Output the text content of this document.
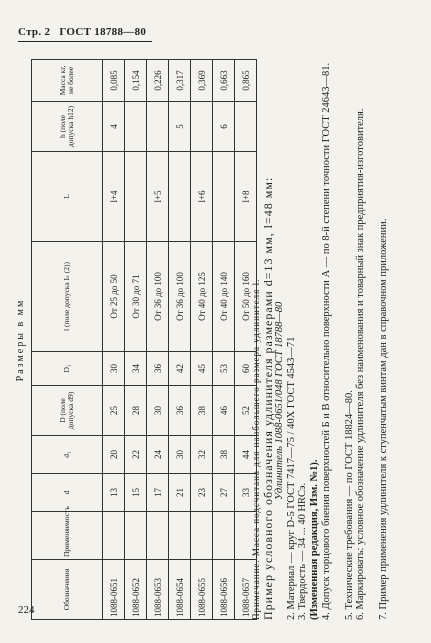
Стр. 2 ГОСТ 18788—80
Размеры в мм
Обозначения	Применяемость	d	d₁	D (поле допуска d9)	D₁	l (поле допуска Iₛ (2))	L	h (поле допуска h12)	Масса кг, не более
1088-0651		13	20	25	30	От 25 до 50	l+4	4	0,085
1088-0652		15	22	28	34	От 30 до 71			0,154
1088-0653		17	24	30	36	От 36 до 100	l+5		0,226
1088-0654		21	30	36	42	От 36 до 100		5	0,317
1088-0655		23	32	38	45	От 40 до 125	l+6		0,369
1088-0656		27	38	46	53	От 40 до 140		6	0,663
1088-0657		33	44	52	60	От 50 до 160	l+8		0,865
Примечание. Масса подсчитана для наибольшего размера удлинителя l. Пример условного обозначения удлинителя размерами d=13 мм, l=48 мм: Удлинитель 1088-0651/048 ГОСТ 18788—80 2. Материал — круг D-5 ГОСТ 7417—75 / 40Х ГОСТ 4543—71 3. Твердость — 34 ... 40 HRCэ. (Измененная редакция, Изм. №1). 4. Допуск торцового биения поверхностей Б и В относительно поверхности А — по 8-й степени точности ГОСТ 24643—81.	5. Технические требования — по ГОСТ 18824—80. 6. Маркировать: условное обозначение удлинителя без наименования и товарный знак предприятия-изготовителя.	7. Пример применения удлинителя к ступенчатым винтам дан в справочном приложении.
224
